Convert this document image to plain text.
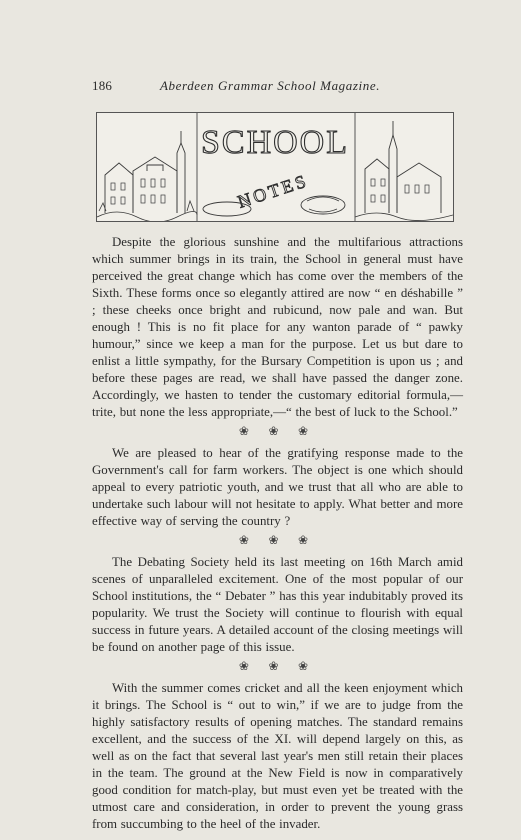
186	Aberdeen Grammar School Magazine.
SCHOOL
NOTES

Despite the glorious sunshine and the multifarious attractions which summer brings in its train, the School in general must have perceived the great change which has come over the members of the Sixth. These forms once so elegantly attired are now “ en déshabille ” ; these cheeks once bright and rubicund, now pale and wan. But enough ! This is no fit place for any wanton parade of “ pawky humour,” since we keep a man for the purpose. Let us but dare to enlist a little sympathy, for the Bursary Competition is upon us ; and before these pages are read, we shall have passed the danger zone. Accordingly, we hasten to tender the customary editorial formula,—trite, but none the less appropriate,—“ the best of luck to the School.”

❀ ❀ ❀

We are pleased to hear of the gratifying response made to the Government's call for farm workers. The object is one which should appeal to every patriotic youth, and we trust that all who are able to undertake such labour will not hesitate to apply. What better and more effective way of serving the country ?

❀ ❀ ❀

The Debating Society held its last meeting on 16th March amid scenes of unparalleled excitement. One of the most popular of our School institutions, the “ Debater ” has this year indubitably proved its popularity. We trust the Society will continue to flourish with equal success in future years. A detailed account of the closing meetings will be found on another page of this issue.

❀ ❀ ❀

With the summer comes cricket and all the keen enjoyment which it brings. The School is “ out to win,” if we are to judge from the highly satisfactory results of opening matches. The standard remains excellent, and the success of the XI. will depend largely on this, as well as on the fact that several last year's men still retain their places in the team. The ground at the New Field is now in comparatively good condition for match-play, but must even yet be treated with the utmost care and consideration, in order to prevent the young grass from succumbing to the heel of the invader.
